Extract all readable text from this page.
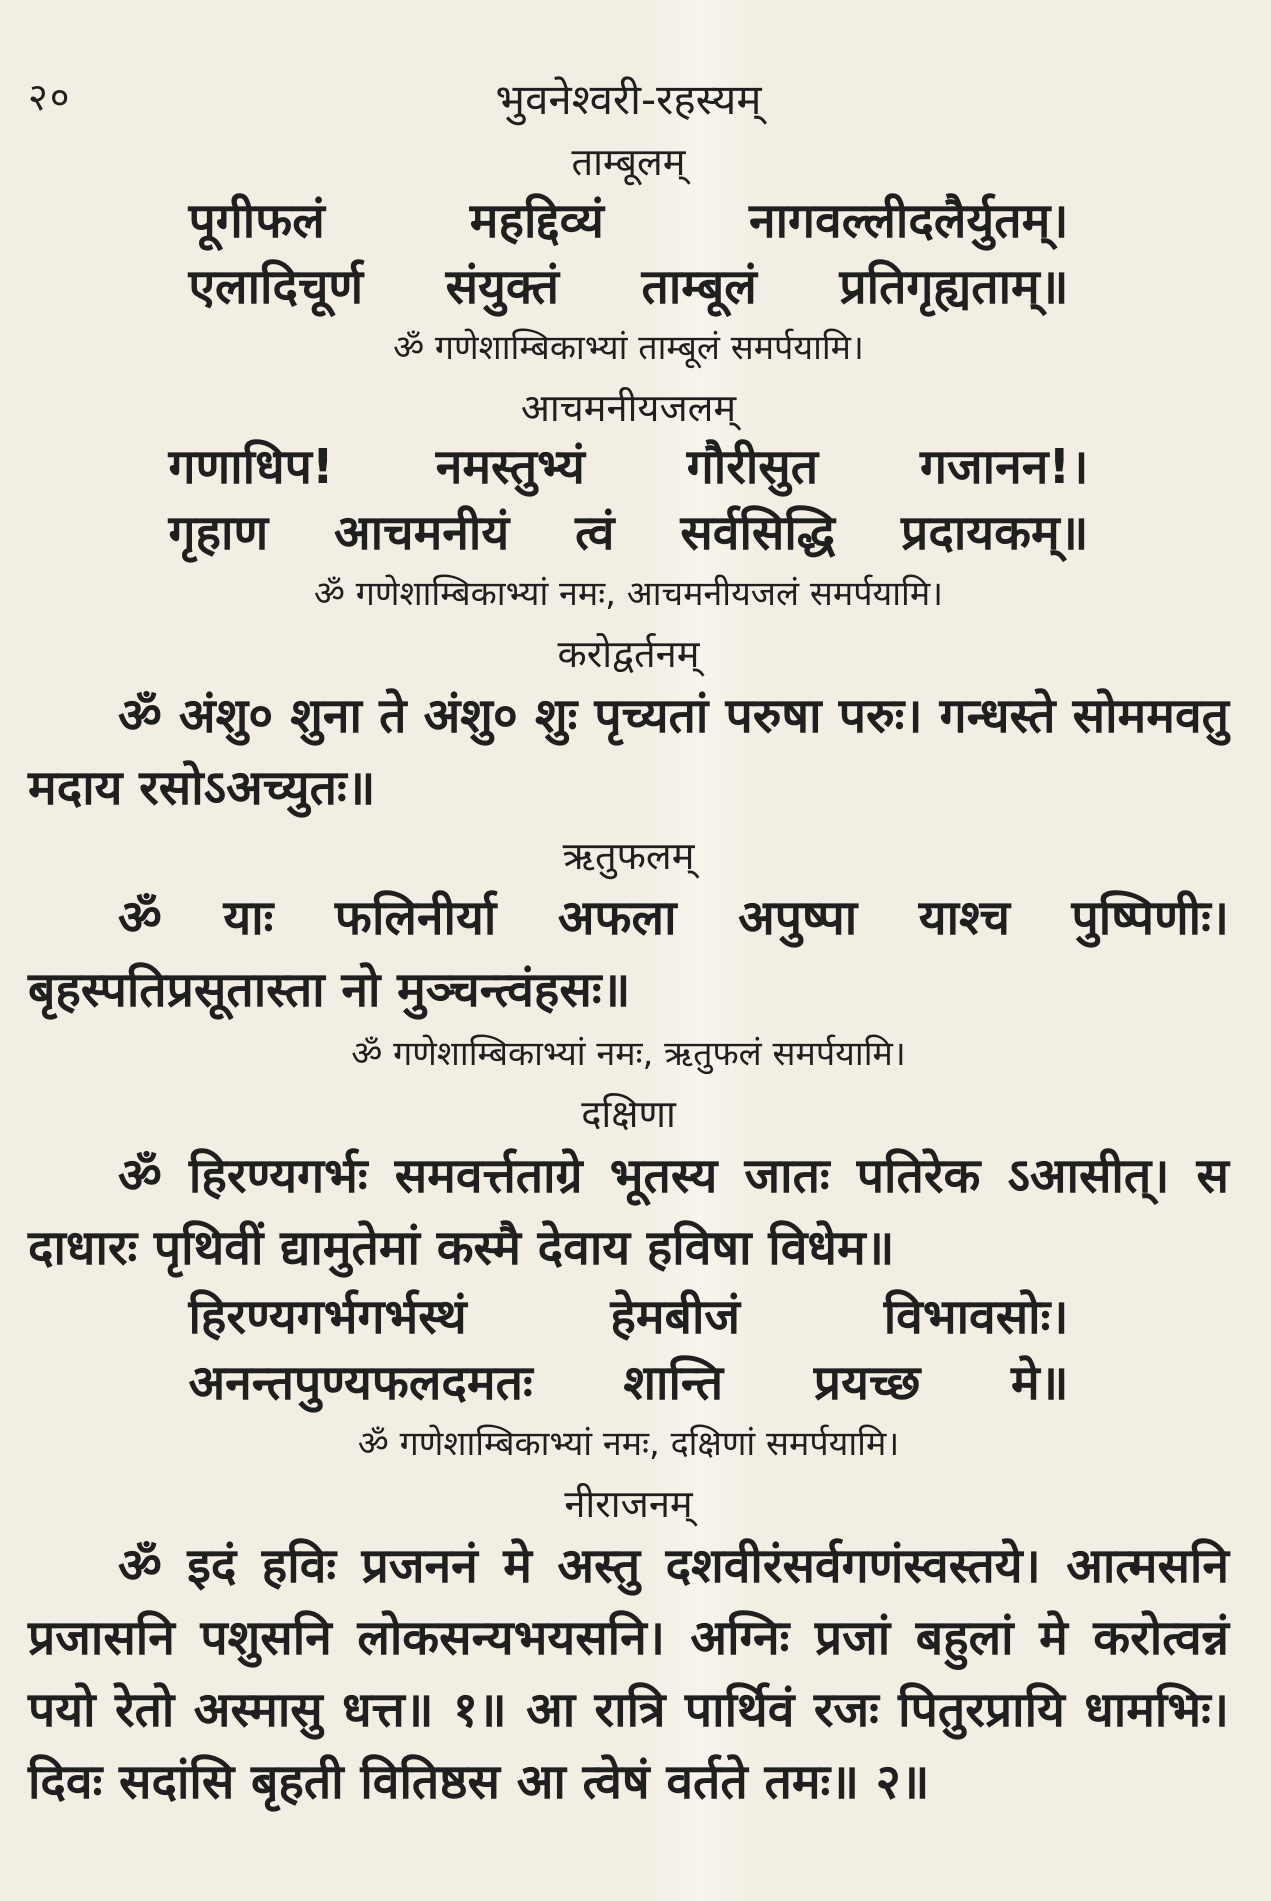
२०	भुवनेश्वरी-रहस्यम्
ताम्बूलम्
पूगीफलं	महद्दिव्यं	नागवल्लीदलैर्युतम्।
एलादिचूर्ण संयुक्तं ताम्बूलं प्रतिगृह्यताम्॥
ॐ गणेशाम्बिकाभ्यां ताम्बूलं समर्पयामि।
आचमनीयजलम्
गणाधिप! नमस्तुभ्यं गौरीसुत गजानन!।
गृहाण आचमनीयं त्वं सर्वसिद्धि प्रदायकम्॥
ॐ गणेशाम्बिकाभ्यां नमः, आचमनीयजलं समर्पयामि।
करोद्वर्तनम्
ॐ अंशु० शुना ते अंशु० शुः पृच्यतां परुषा परुः। गन्धस्ते सोममवतु मदाय रसोऽअच्युतः॥
ऋतुफलम्
ॐ याः फलिनीर्या अफला अपुष्पा याश्च पुष्पिणीः। बृहस्पतिप्रसूतास्ता नो मुञ्चन्त्वंहसः॥
ॐ गणेशाम्बिकाभ्यां नमः, ऋतुफलं समर्पयामि।
दक्षिणा
ॐ हिरण्यगर्भः समवर्त्तताग्रे भूतस्य जातः पतिरेक ऽआसीत्। स दाधारः पृथिवीं द्यामुतेमां कस्मै देवाय हविषा विधेम॥
हिरण्यगर्भगर्भस्थं	हेमबीजं	विभावसोः।
अनन्तपुण्यफलदमतः शान्ति प्रयच्छ मे॥
ॐ गणेशाम्बिकाभ्यां नमः, दक्षिणां समर्पयामि।
नीराजनम्
ॐ इदं हविः प्रजननं मे अस्तु दशवीरंसर्वगणंस्वस्तये। आत्मसनि प्रजासनि पशुसनि लोकसन्यभयसनि। अग्निः प्रजां बहुलां मे करोत्वन्नं पयो रेतो अस्मासु धत्त॥ १॥ आ रात्रि पार्थिवं रजः पितुरप्रायि धामभिः। दिवः सदांसि बृहती वितिष्ठस आ त्वेषं वर्तते तमः॥ २॥
